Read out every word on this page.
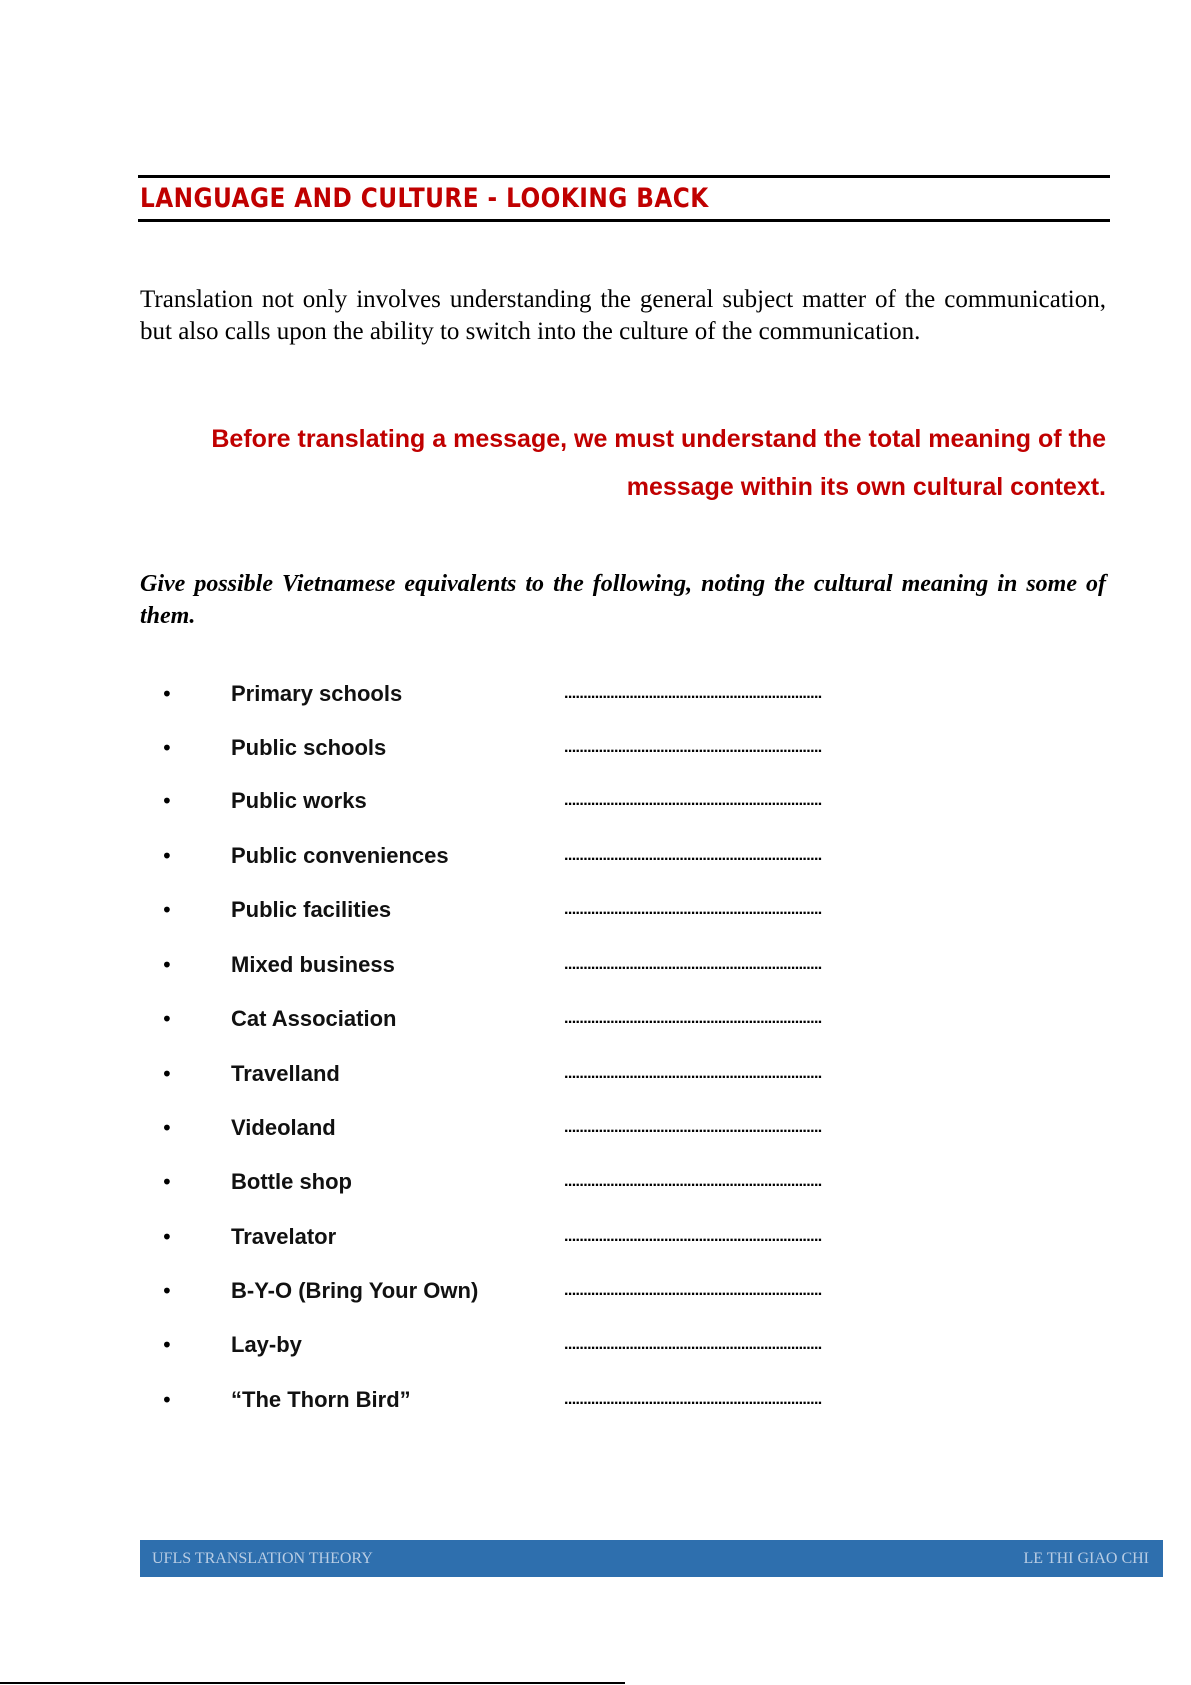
LANGUAGE AND CULTURE - LOOKING BACK

Translation not only involves understanding the general subject matter of the communication, but also calls upon the ability to switch into the culture of the communication.

Before translating a message, we must understand the total meaning of the
message within its own cultural context.

Give possible Vietnamese equivalents to the following, noting the cultural meaning in some of them.

•	Primary schools	...................................................................
•	Public schools	...................................................................
•	Public works	...................................................................
•	Public conveniences	...................................................................
•	Public facilities	...................................................................
•	Mixed business	...................................................................
•	Cat Association	...................................................................
•	Travelland	...................................................................
•	Videoland	...................................................................
•	Bottle shop	...................................................................
•	Travelator	...................................................................
•	B-Y-O (Bring Your Own)	...................................................................
•	Lay-by	...................................................................
•	“The Thorn Bird”	...................................................................
UFLS TRANSLATION THEORY	LE THI GIAO CHI
